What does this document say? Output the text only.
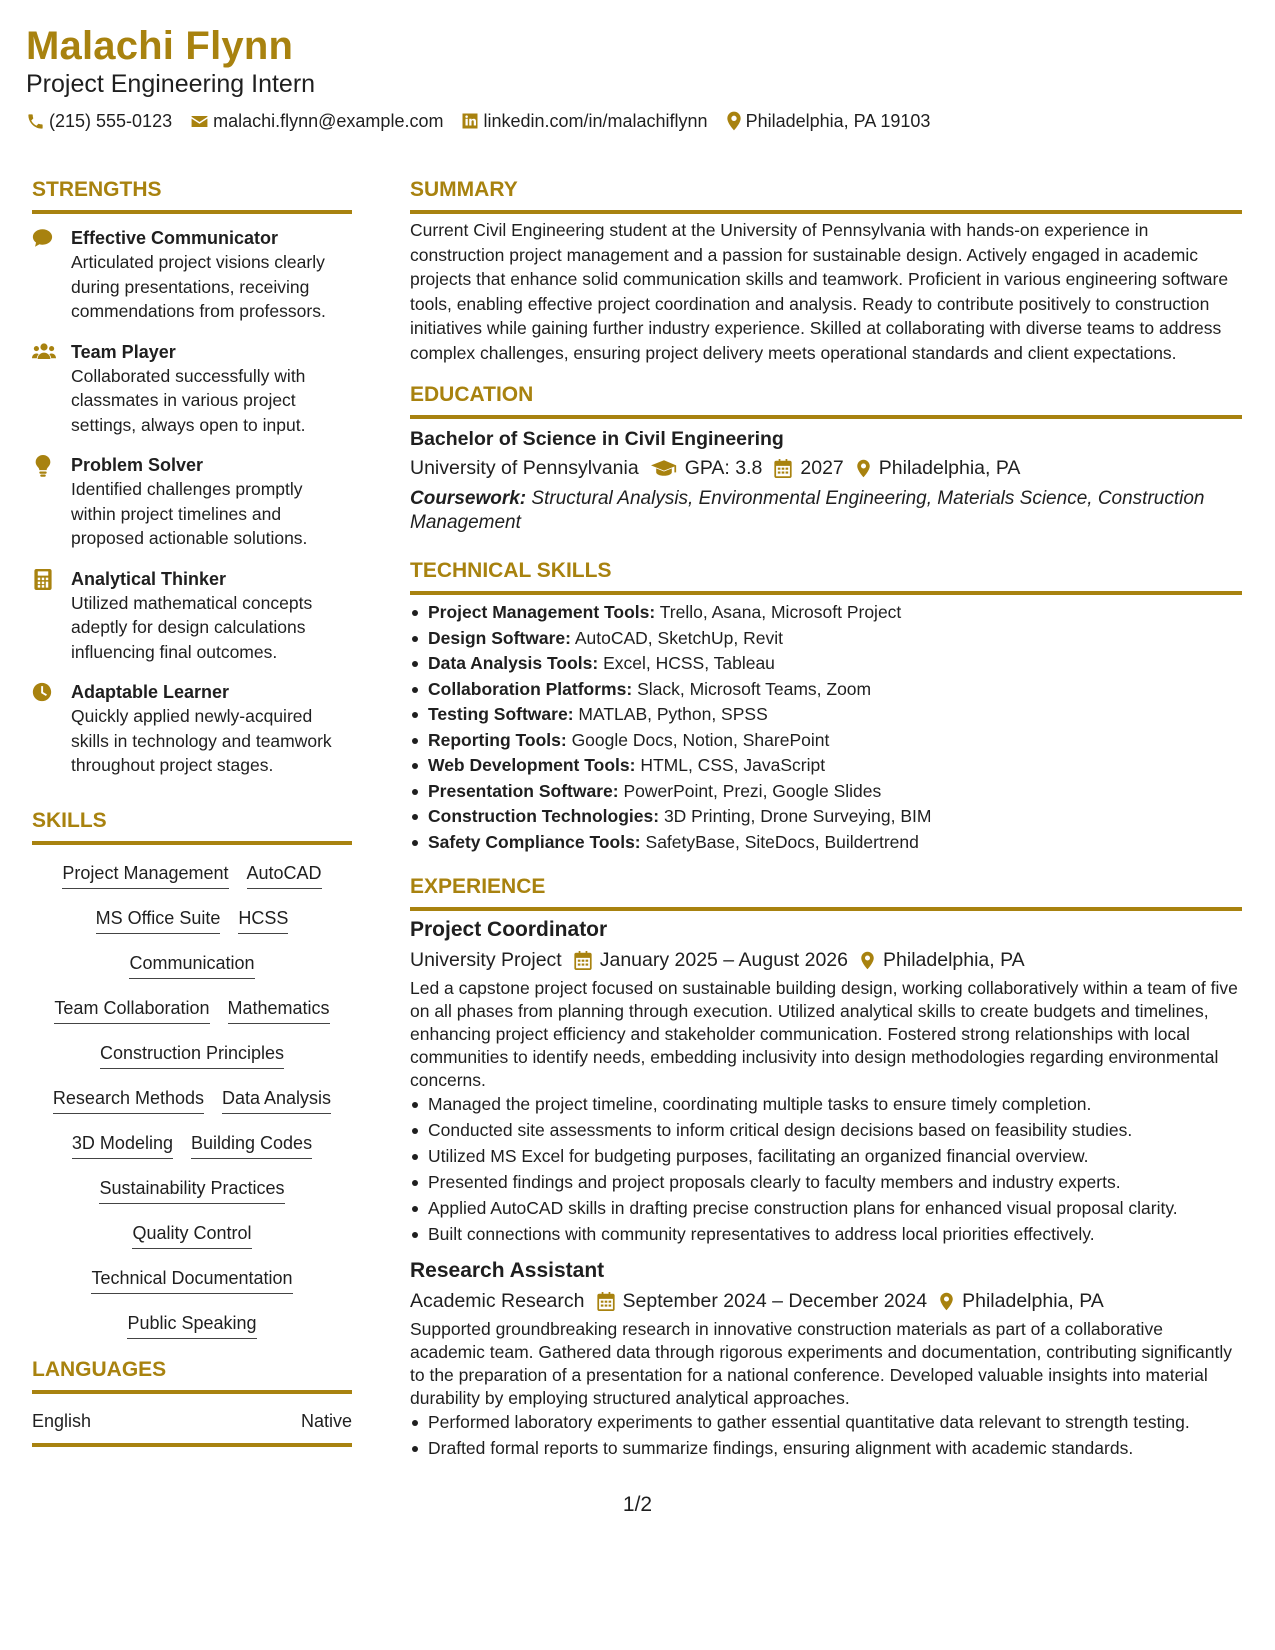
Malachi Flynn
Project Engineering Intern
(215) 555-0123 malachi.flynn@example.com linkedin.com/in/malachiflynn Philadelphia, PA 19103
STRENGTHS
Effective Communicator
Articulated project visions clearly during presentations, receiving commendations from professors.
Team Player
Collaborated successfully with classmates in various project settings, always open to input.
Problem Solver
Identified challenges promptly within project timelines and proposed actionable solutions.
Analytical Thinker
Utilized mathematical concepts adeptly for design calculations influencing final outcomes.
Adaptable Learner
Quickly applied newly-acquired skills in technology and teamwork throughout project stages.
SKILLS
Project Management AutoCAD
MS Office Suite HCSS
Communication
Team Collaboration Mathematics
Construction Principles
Research Methods Data Analysis
3D Modeling Building Codes
Sustainability Practices
Quality Control
Technical Documentation
Public Speaking
LANGUAGES
English	Native
SUMMARY
Current Civil Engineering student at the University of Pennsylvania with hands-on experience in construction project management and a passion for sustainable design. Actively engaged in academic projects that enhance solid communication skills and teamwork. Proficient in various engineering software tools, enabling effective project coordination and analysis. Ready to contribute positively to construction initiatives while gaining further industry experience. Skilled at collaborating with diverse teams to address complex challenges, ensuring project delivery meets operational standards and client expectations.
EDUCATION
Bachelor of Science in Civil Engineering
University of Pennsylvania GPA: 3.8 2027 Philadelphia, PA
Coursework: Structural Analysis, Environmental Engineering, Materials Science, Construction Management
TECHNICAL SKILLS
Project Management Tools: Trello, Asana, Microsoft Project
Design Software: AutoCAD, SketchUp, Revit
Data Analysis Tools: Excel, HCSS, Tableau
Collaboration Platforms: Slack, Microsoft Teams, Zoom
Testing Software: MATLAB, Python, SPSS
Reporting Tools: Google Docs, Notion, SharePoint
Web Development Tools: HTML, CSS, JavaScript
Presentation Software: PowerPoint, Prezi, Google Slides
Construction Technologies: 3D Printing, Drone Surveying, BIM
Safety Compliance Tools: SafetyBase, SiteDocs, Buildertrend
EXPERIENCE
Project Coordinator
University Project January 2025 – August 2026 Philadelphia, PA
Led a capstone project focused on sustainable building design, working collaboratively within a team of five on all phases from planning through execution. Utilized analytical skills to create budgets and timelines, enhancing project efficiency and stakeholder communication. Fostered strong relationships with local communities to identify needs, embedding inclusivity into design methodologies regarding environmental concerns.
Managed the project timeline, coordinating multiple tasks to ensure timely completion.
Conducted site assessments to inform critical design decisions based on feasibility studies.
Utilized MS Excel for budgeting purposes, facilitating an organized financial overview.
Presented findings and project proposals clearly to faculty members and industry experts.
Applied AutoCAD skills in drafting precise construction plans for enhanced visual proposal clarity.
Built connections with community representatives to address local priorities effectively.
Research Assistant
Academic Research September 2024 – December 2024 Philadelphia, PA
Supported groundbreaking research in innovative construction materials as part of a collaborative academic team. Gathered data through rigorous experiments and documentation, contributing significantly to the preparation of a presentation for a national conference. Developed valuable insights into material durability by employing structured analytical approaches.
Performed laboratory experiments to gather essential quantitative data relevant to strength testing.
Drafted formal reports to summarize findings, ensuring alignment with academic standards.
1/2
